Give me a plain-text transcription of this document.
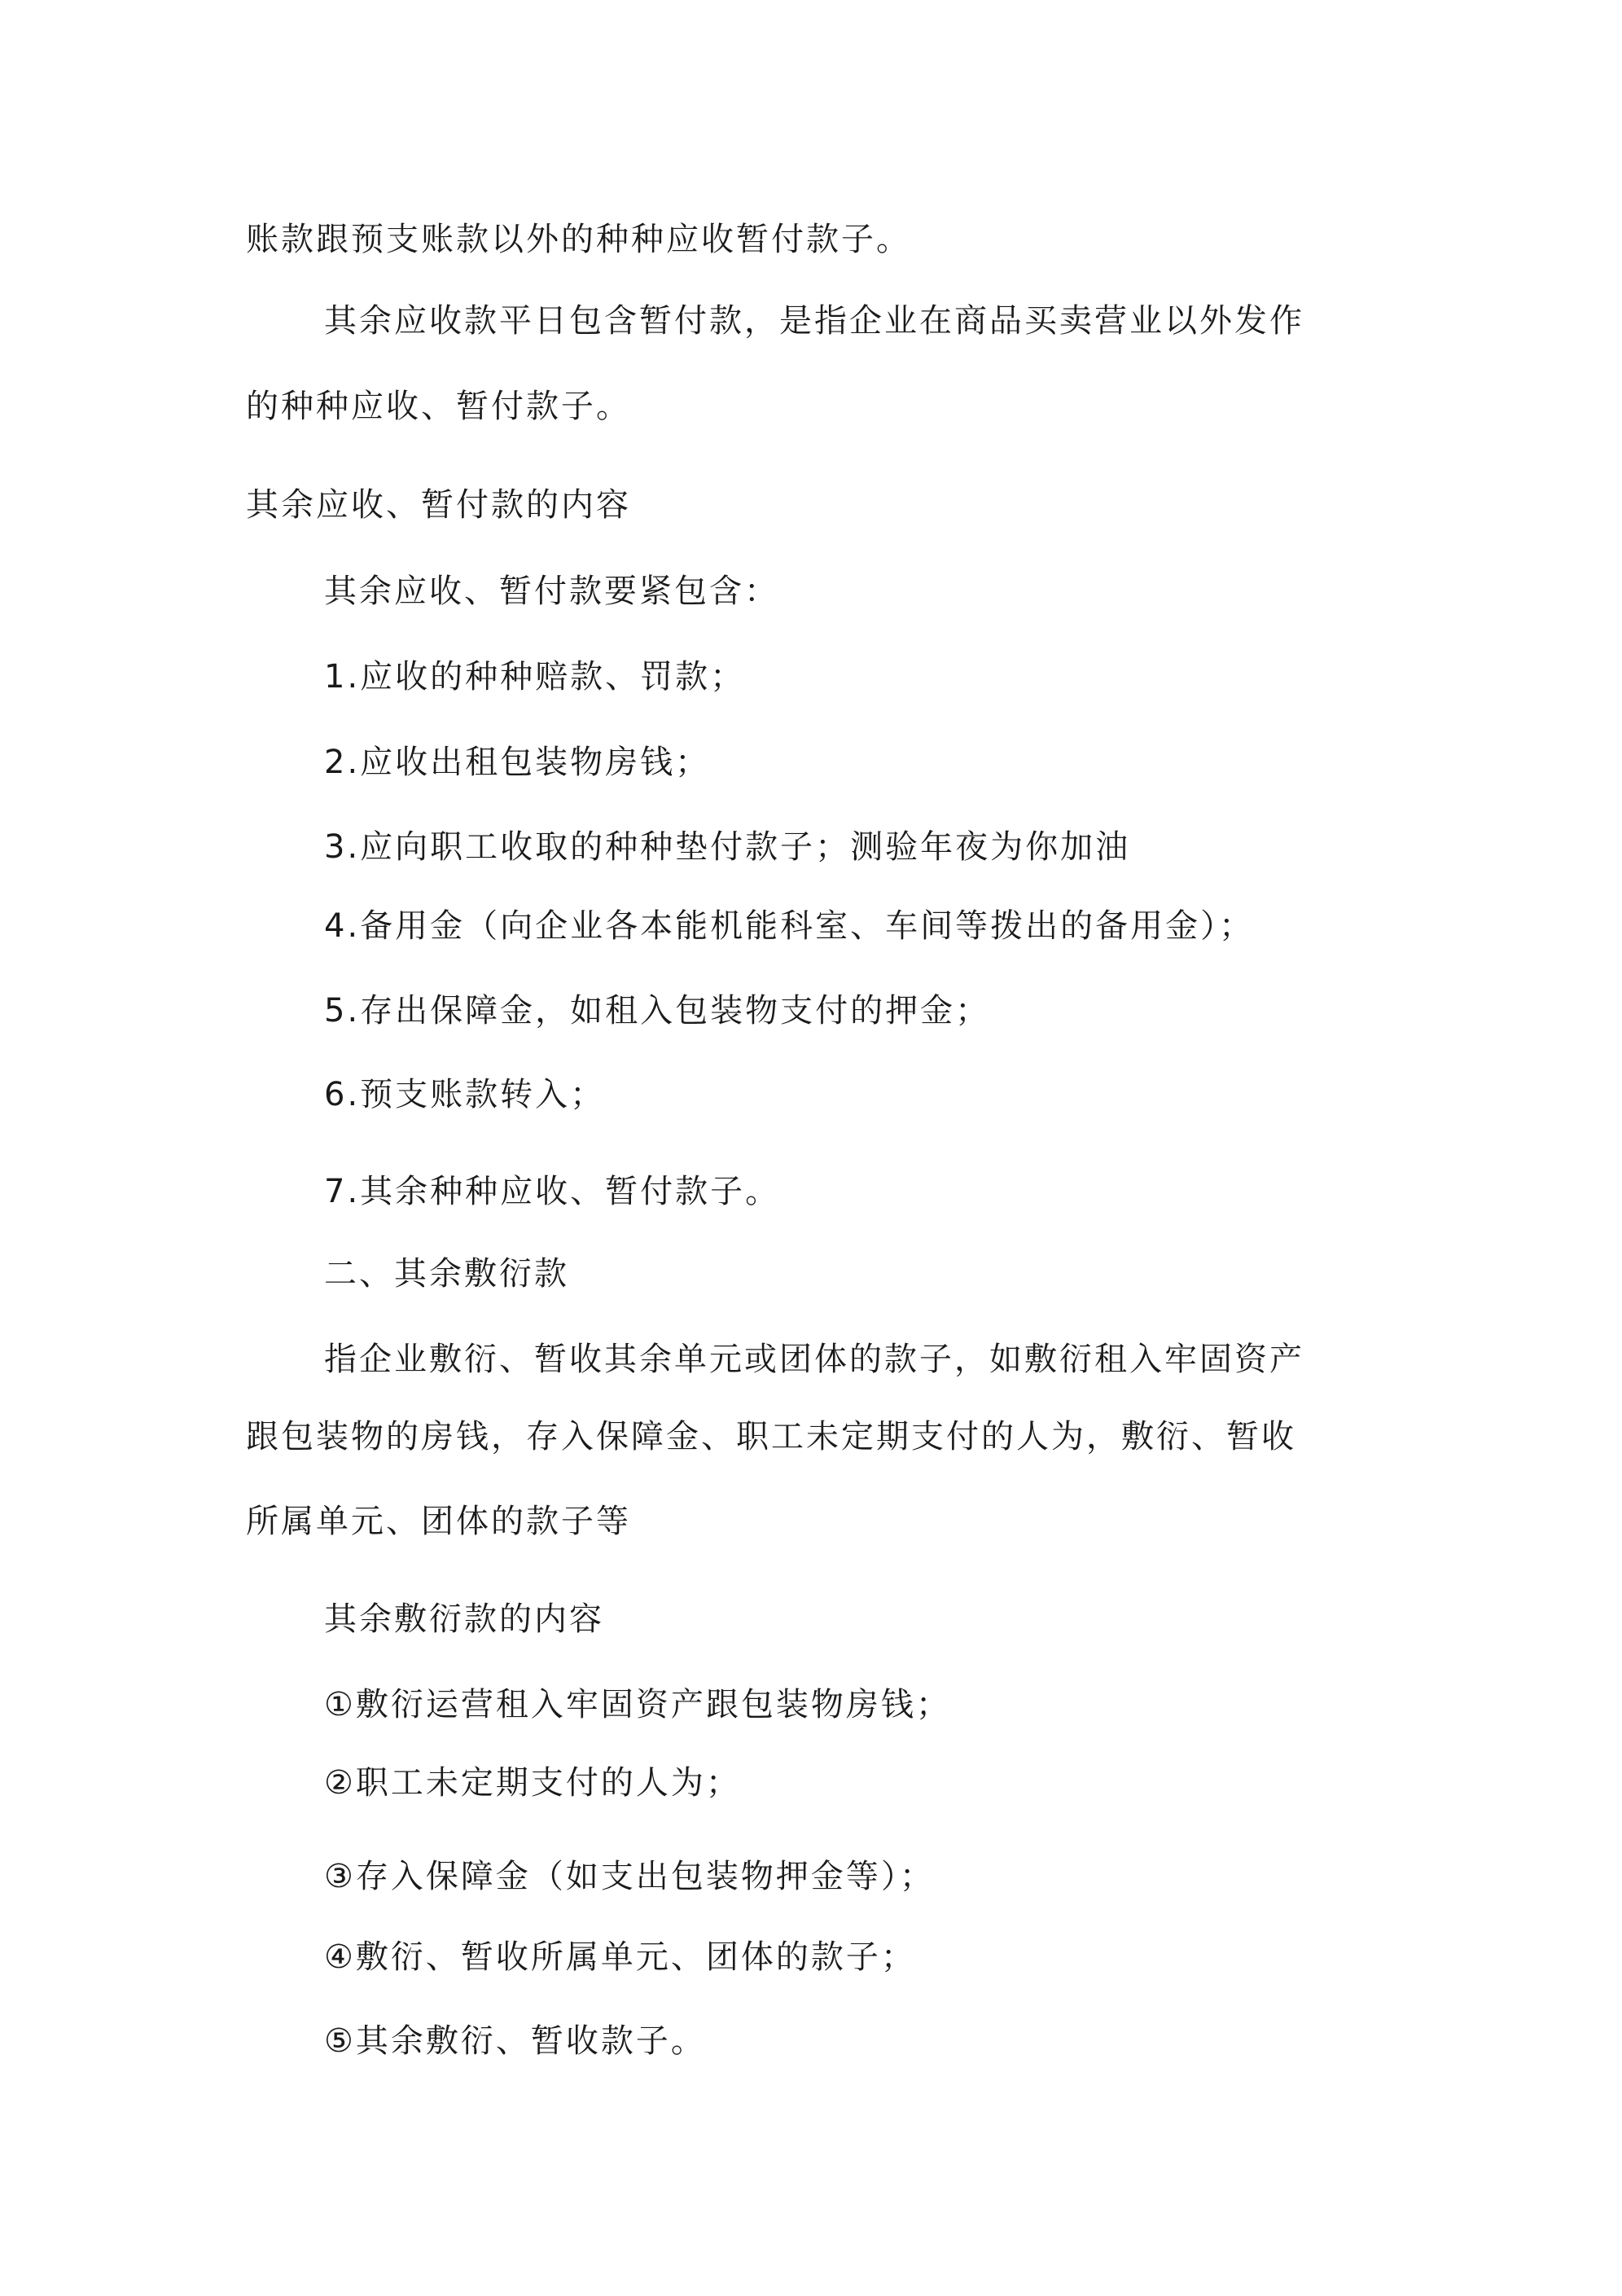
账款跟预支账款以外的种种应收暂付款子。
其余应收款平日包含暂付款，是指企业在商品买卖营业以外发作
的种种应收、暂付款子。
其余应收、暂付款的内容
其余应收、暂付款要紧包含：
1.应收的种种赔款、罚款；
2.应收出租包装物房钱；
3.应向职工收取的种种垫付款子；测验年夜为你加油
4.备用金（向企业各本能机能科室、车间等拨出的备用金）；
5.存出保障金，如租入包装物支付的押金；
6.预支账款转入；
7.其余种种应收、暂付款子。
二、其余敷衍款
指企业敷衍、暂收其余单元或团体的款子，如敷衍租入牢固资产
跟包装物的房钱，存入保障金、职工未定期支付的人为，敷衍、暂收
所属单元、团体的款子等
其余敷衍款的内容
①敷衍运营租入牢固资产跟包装物房钱；
②职工未定期支付的人为；
③存入保障金（如支出包装物押金等）；
④敷衍、暂收所属单元、团体的款子；
⑤其余敷衍、暂收款子。
